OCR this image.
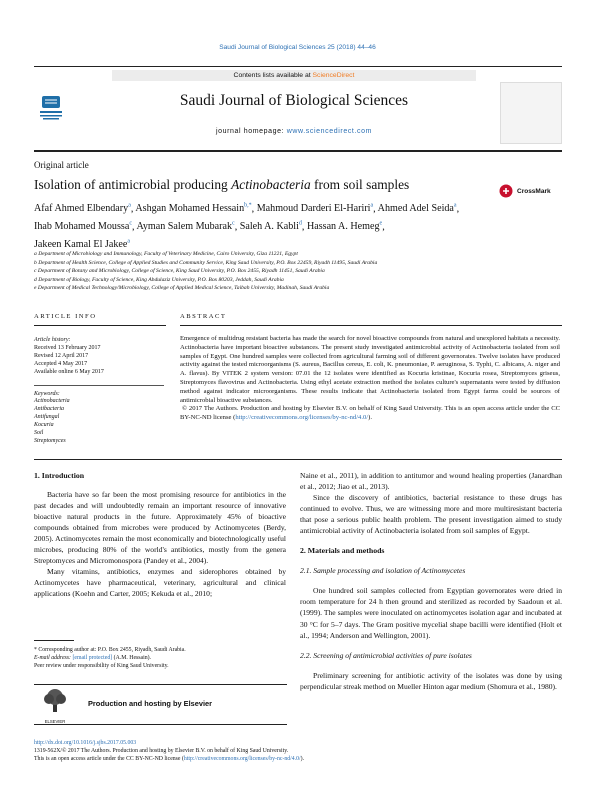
Saudi Journal of Biological Sciences 25 (2018) 44–46
Contents lists available at ScienceDirect
Saudi Journal of Biological Sciences
journal homepage: www.sciencedirect.com
Original article
Isolation of antimicrobial producing Actinobacteria from soil samples	CrossMark
Afaf Ahmed Elbendary$^a$, Ashgan Mohamed Hessain$^{b,*}$, Mahmoud Darderi El-Hariri$^a$, Ahmed Adel Seida$^a$,
Ihab Mohamed Moussa$^c$, Ayman Salem Mubarak$^c$, Saleh A. Kabli$^d$, Hassan A. Hemeg$^e$,
Jakeen Kamal El Jakee$^a$
a Department of Microbiology and Immunology, Faculty of Veterinary Medicine, Cairo University, Giza 11221, Egypt
b Department of Health Science, College of Applied Studies and Community Service, King Saud University, P.O. Box 22459, Riyadh 11495, Saudi Arabia
c Department of Botany and Microbiology, College of Science, King Saud University, P.O. Box 2455, Riyadh 11451, Saudi Arabia
d Department of Biology, Faculty of Science, King Abdulaziz University, P.O. Box 80203, Jeddah, Saudi Arabia
e Department of Medical Technology/Microbiology, College of Applied Medical Science, Taibah University, Madinah, Saudi Arabia
ARTICLE INFO	ABSTRACT
Article history:
Received 13 February 2017
Revised 12 April 2017
Accepted 4 May 2017
Available online 6 May 2017
Keywords:
Actinobacteria
Antibacteria
Antifungal
Kocuria
Soil
Streptomyces

Emergence of multidrug resistant bacteria has made the search for novel bioactive compounds from natural and unexplored habitats a necessity. Actinobacteria have important bioactive substances. The present study investigated antimicrobial activity of Actinobacteria isolated from soil samples of Egypt. One hundred samples were collected from agricultural farming soil of different governorates. Twelve isolates have produced activity against the tested microorganisms (S. aureus, Bacillus cereus, E. coli, K. pneumoniae, P. aeruginosa, S. Typhi, C. albicans, A. niger and A. flavus). By VITEK 2 system version: 07.01 the 12 isolates were identified as Kocuria kristinae, Kocuria rosea, Streptomyces griseus, Streptomyces flavovirus and Actinobacteria. Using ethyl acetate extraction method the isolates culture's supernatants were tested by diffusion method against indicator microorganisms. These results indicate that Actinobacteria isolated from Egypt farms could be sources of antimicrobial bioactive substances.

© 2017 The Authors. Production and hosting by Elsevier B.V. on behalf of King Saud University. This is an open access article under the CC BY-NC-ND license (http://creativecommons.org/licenses/by-nc-nd/4.0/).

1. Introduction

Bacteria have so far been the most promising resource for antibiotics in the past decades and will undoubtedly remain an important resource of innovative bioactive natural products in the future. Approximately 45% of bioactive compounds obtained from microbes were produced by Actinomycetes (Berdy, 2005). Actinomycetes remain the most economically and biotechnologically useful microbes, producing 80% of the world's antibiotics, mostly from the genera Streptomyces and Micromonospora (Pandey et al., 2004).

Many vitamins, antibiotics, enzymes and siderophores obtained by Actinomycetes have pharmaceutical, veterinary, agricultural and clinical applications (Koehn and Carter, 2005; Kekuda et al., 2010;

Naine et al., 2011), in addition to antitumor and wound healing properties (Janardhan et al., 2012; Jiao et al., 2013).

Since the discovery of antibiotics, bacterial resistance to these drugs has continued to evolve. Thus, we are witnessing more and more multiresistant bacteria that pose a serious public health problem. The present investigation aimed to study antimicrobial activity of Actinobacteria isolated from soil samples of Egypt.

2. Materials and methods
2.1. Sample processing and isolation of Actinomycetes

One hundred soil samples collected from Egyptian governorates were dried in room temperature for 24 h then ground and sterilized as recorded by Saadoun et al. (1999). The samples were inoculated on actinomycetes isolation agar and incubated at 30 °C for 5–7 days. The Gram positive mycelial shape bacilli were identified (Holt et al., 1994; Anderson and Wellington, 2001).

2.2. Screening of antimicrobial activities of pure isolates

Preliminary screening for antibiotic activity of the isolates was done by using perpendicular streak method on Mueller Hinton agar medium (Shomura et al., 1980).

* Corresponding author at: P.O. Box 2455, Riyadh, Saudi Arabia.
E-mail address: [email protected] (A.M. Hessain).
Peer review under responsibility of King Saud University.
ELSEVIER
Production and hosting by Elsevier
http://dx.doi.org/10.1016/j.sjbs.2017.05.003
1319-562X/© 2017 The Authors. Production and hosting by Elsevier B.V. on behalf of King Saud University.
This is an open access article under the CC BY-NC-ND license (http://creativecommons.org/licenses/by-nc-nd/4.0/).
